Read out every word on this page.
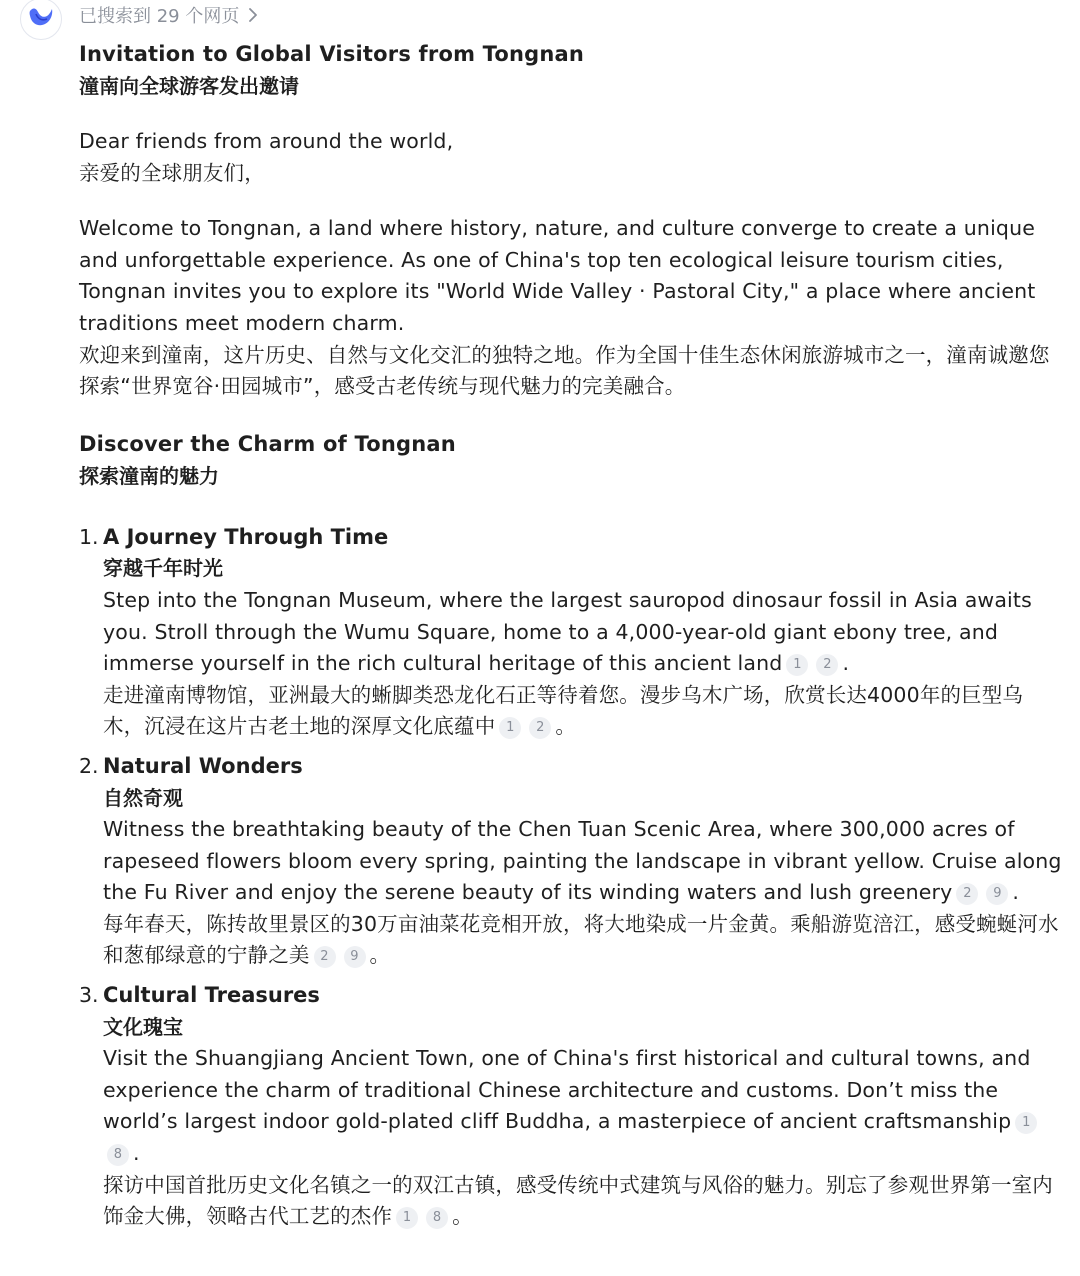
已搜索到 29 个网页
Invitation to Global Visitors from Tongnan
潼南向全球游客发出邀请
Dear friends from around the world,
亲爱的全球朋友们，
Welcome to Tongnan, a land where history, nature, and culture converge to create a unique and unforgettable experience. As one of China's top ten ecological leisure tourism cities, Tongnan invites you to explore its "World Wide Valley · Pastoral City," a place where ancient traditions meet modern charm.
欢迎来到潼南，这片历史、自然与文化交汇的独特之地。作为全国十佳生态休闲旅游城市之一，潼南诚邀您探索“世界宽谷·田园城市”，感受古老传统与现代魅力的完美融合。
Discover the Charm of Tongnan
探索潼南的魅力
1. A Journey Through Time
穿越千年时光
Step into the Tongnan Museum, where the largest sauropod dinosaur fossil in Asia awaits you. Stroll through the Wumu Square, home to a 4,000-year-old giant ebony tree, and immerse yourself in the rich cultural heritage of this ancient land 1 2 .
走进潼南博物馆，亚洲最大的蜥脚类恐龙化石正等待着您。漫步乌木广场，欣赏长达4000年的巨型乌木，沉浸在这片古老土地的深厚文化底蕴中 1 2 。
2. Natural Wonders
自然奇观
Witness the breathtaking beauty of the Chen Tuan Scenic Area, where 300,000 acres of rapeseed flowers bloom every spring, painting the landscape in vibrant yellow. Cruise along the Fu River and enjoy the serene beauty of its winding waters and lush greenery 2 9 .
每年春天，陈抟故里景区的30万亩油菜花竞相开放，将大地染成一片金黄。乘船游览涪江，感受蜿蜒河水和葱郁绿意的宁静之美 2 9 。
3. Cultural Treasures
文化瑰宝
Visit the Shuangjiang Ancient Town, one of China's first historical and cultural towns, and experience the charm of traditional Chinese architecture and customs. Don’t miss the world’s largest indoor gold-plated cliff Buddha, a masterpiece of ancient craftsmanship 18 .
探访中国首批历史文化名镇之一的双江古镇，感受传统中式建筑与风俗的魅力。别忘了参观世界第一室内饰金大佛，领略古代工艺的杰作 1 8 。
